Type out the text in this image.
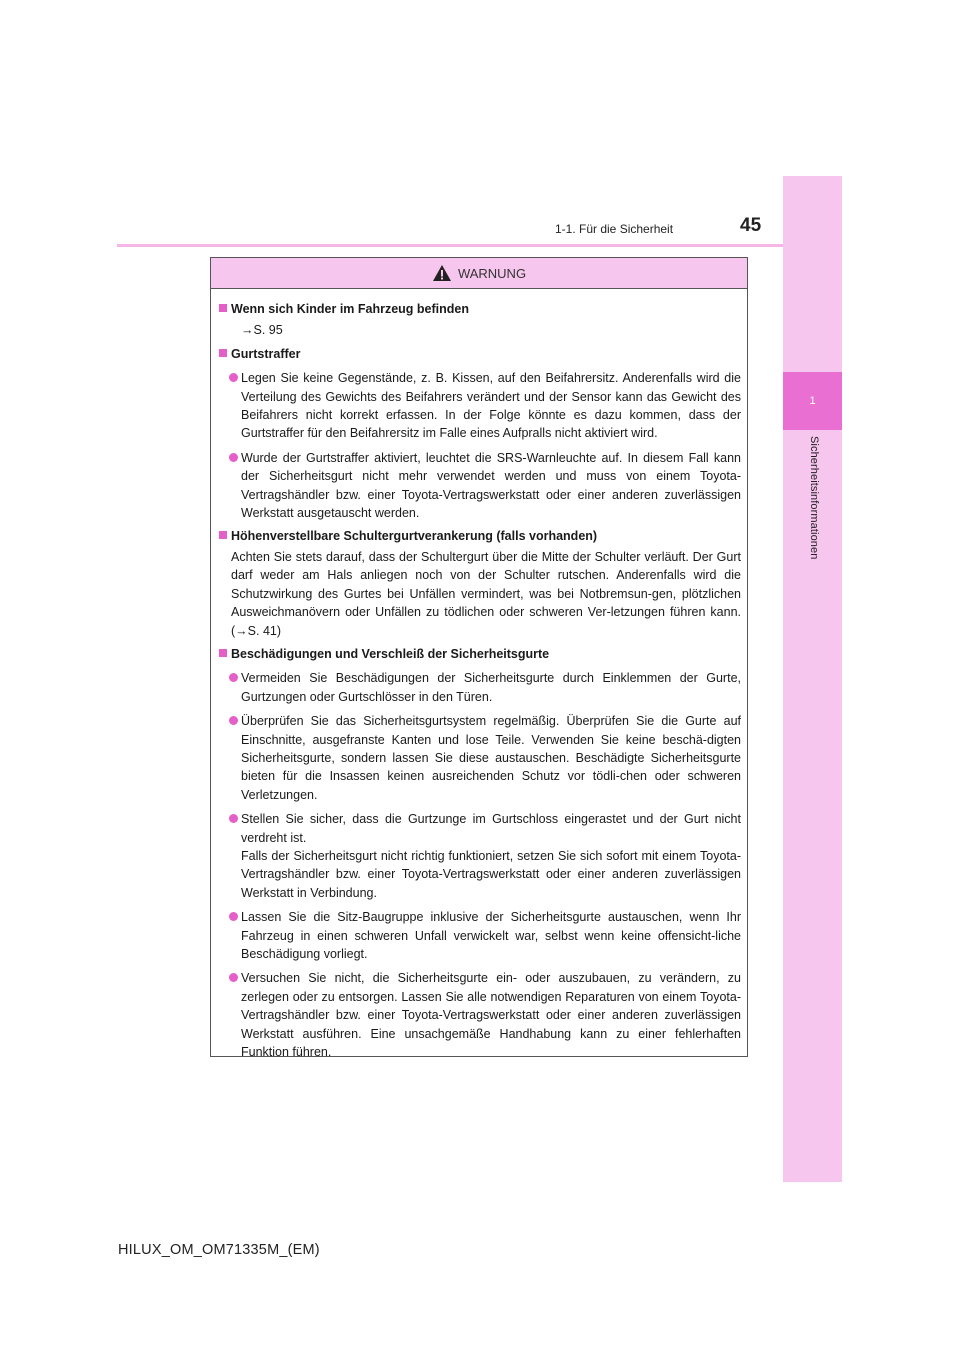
1
Sicherheitsinformationen
1-1. Für die Sicherheit	45
WARNUNG
Wenn sich Kinder im Fahrzeug befinden
→S. 95
Gurtstraffer
Legen Sie keine Gegenstände, z. B. Kissen, auf den Beifahrersitz. Anderenfalls wird die Verteilung des Gewichts des Beifahrers verändert und der Sensor kann das Gewicht des Beifahrers nicht korrekt erfassen. In der Folge könnte es dazu kommen, dass der Gurtstraffer für den Beifahrersitz im Falle eines Aufpralls nicht aktiviert wird.
Wurde der Gurtstraffer aktiviert, leuchtet die SRS-Warnleuchte auf. In diesem Fall kann der Sicherheitsgurt nicht mehr verwendet werden und muss von einem Toyota-Vertragshändler bzw. einer Toyota-Vertragswerkstatt oder einer anderen zuverlässigen Werkstatt ausgetauscht werden.
Höhenverstellbare Schultergurtverankerung (falls vorhanden)
Achten Sie stets darauf, dass der Schultergurt über die Mitte der Schulter verläuft. Der Gurt darf weder am Hals anliegen noch von der Schulter rutschen. Anderenfalls wird die Schutzwirkung des Gurtes bei Unfällen vermindert, was bei Notbremsun-gen, plötzlichen Ausweichmanövern oder Unfällen zu tödlichen oder schweren Ver-letzungen führen kann. (→S. 41)
Beschädigungen und Verschleiß der Sicherheitsgurte
Vermeiden Sie Beschädigungen der Sicherheitsgurte durch Einklemmen der Gurte, Gurtzungen oder Gurtschlösser in den Türen.
Überprüfen Sie das Sicherheitsgurtsystem regelmäßig. Überprüfen Sie die Gurte auf Einschnitte, ausgefranste Kanten und lose Teile. Verwenden Sie keine beschä-digten Sicherheitsgurte, sondern lassen Sie diese austauschen. Beschädigte Sicherheitsgurte bieten für die Insassen keinen ausreichenden Schutz vor tödli-chen oder schweren Verletzungen.
Stellen Sie sicher, dass die Gurtzunge im Gurtschloss eingerastet und der Gurt nicht verdreht ist.
Falls der Sicherheitsgurt nicht richtig funktioniert, setzen Sie sich sofort mit einem Toyota-Vertragshändler bzw. einer Toyota-Vertragswerkstatt oder einer anderen zuverlässigen Werkstatt in Verbindung.
Lassen Sie die Sitz-Baugruppe inklusive der Sicherheitsgurte austauschen, wenn Ihr Fahrzeug in einen schweren Unfall verwickelt war, selbst wenn keine offensicht-liche Beschädigung vorliegt.
Versuchen Sie nicht, die Sicherheitsgurte ein- oder auszubauen, zu verändern, zu zerlegen oder zu entsorgen. Lassen Sie alle notwendigen Reparaturen von einem Toyota-Vertragshändler bzw. einer Toyota-Vertragswerkstatt oder einer anderen zuverlässigen Werkstatt ausführen. Eine unsachgemäße Handhabung kann zu einer fehlerhaften Funktion führen.
HILUX_OM_OM71335M_(EM)
